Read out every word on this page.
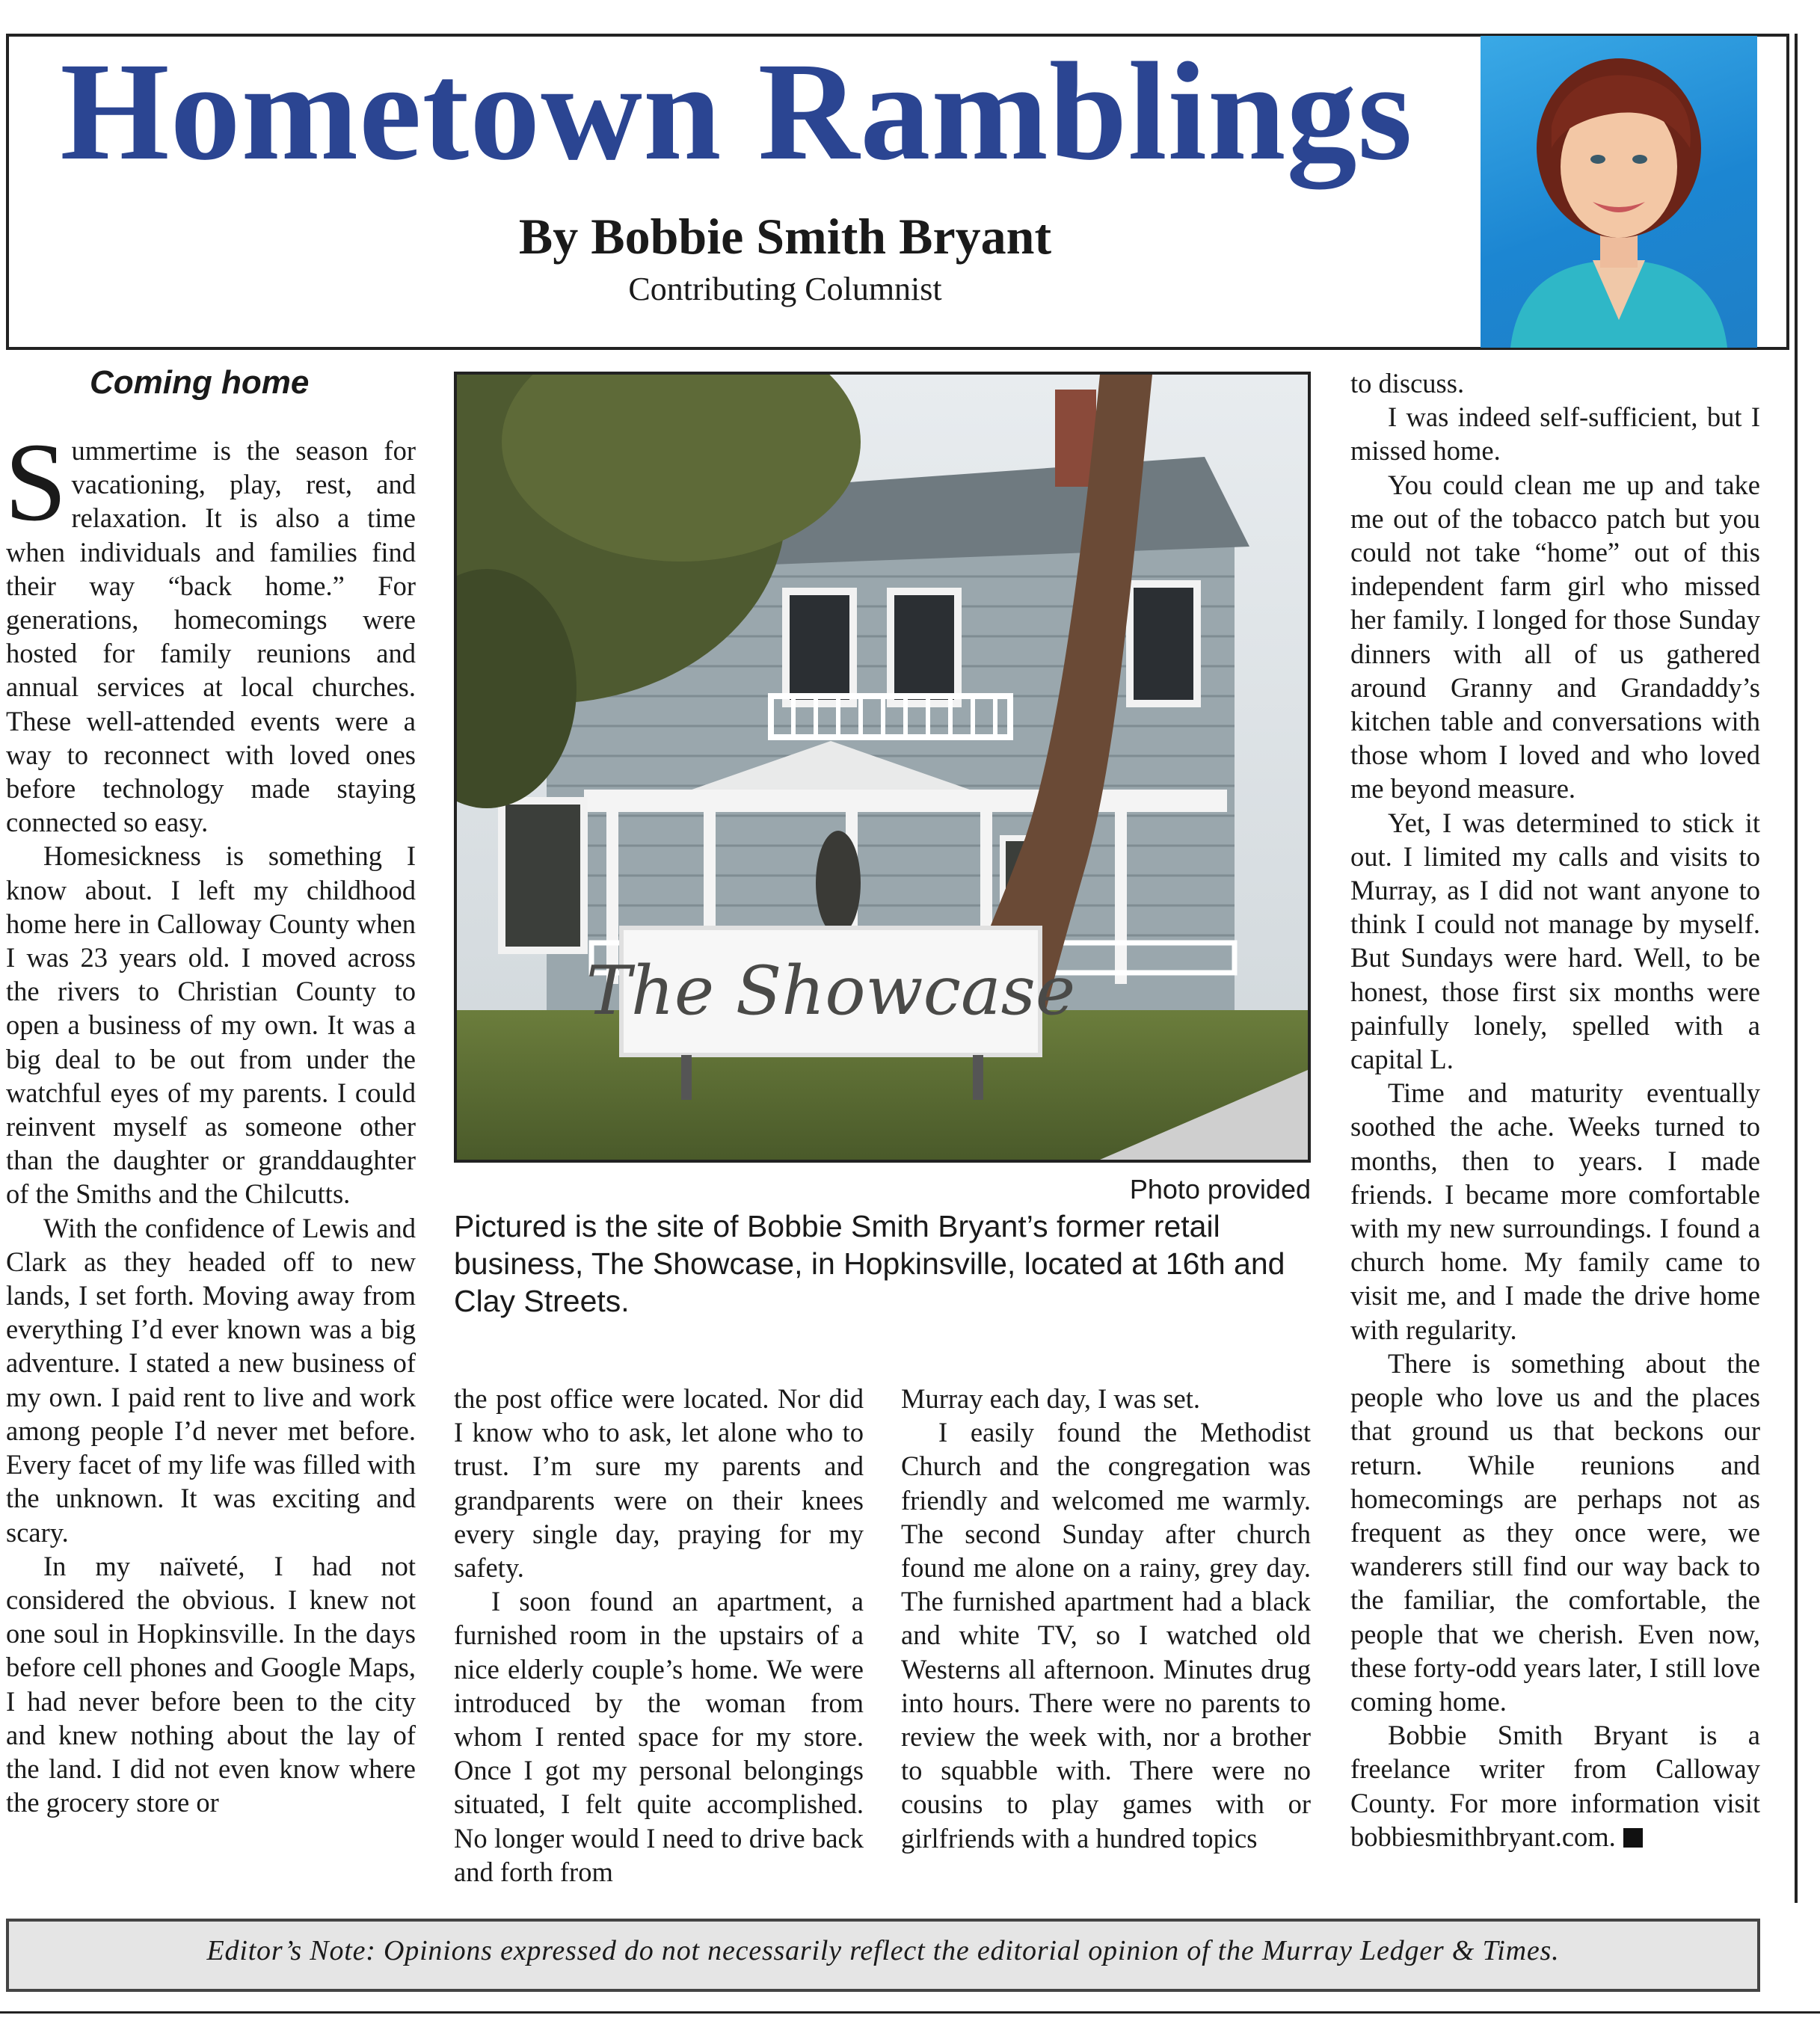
Hometown Ramblings
By Bobbie Smith Bryant
Contributing Columnist
Coming home

Summertime is the season for vacationing, play, rest, and relaxation. It is also a time when individuals and families find their way “back home.” For generations, homecomings were hosted for family reunions and annual services at local churches. These well-attended events were a way to reconnect with loved ones before technology made staying connected so easy.

Homesickness is something I know about. I left my childhood home here in Calloway County when I was 23 years old. I moved across the rivers to Christian County to open a business of my own. It was a big deal to be out from under the watchful eyes of my parents. I could reinvent myself as someone other than the daughter or granddaughter of the Smiths and the Chilcutts.

With the confidence of Lewis and Clark as they headed off to new lands, I set forth. Moving away from everything I’d ever known was a big adventure. I stated a new business of my own. I paid rent to live and work among people I’d never met before. Every facet of my life was filled with the unknown. It was exciting and scary.

In my naïveté, I had not considered the obvious. I knew not one soul in Hopkinsville. In the days before cell phones and Google Maps, I had never before been to the city and knew nothing about the lay of the land. I did not even know where the grocery store or

The Showcase
Photo provided
Pictured is the site of Bobbie Smith Bryant’s former retail business, The Showcase, in Hopkinsville, located at 16th and Clay Streets.

the post office were located. Nor did I know who to ask, let alone who to trust. I’m sure my parents and grandparents were on their knees every single day, praying for my safety.

I soon found an apartment, a furnished room in the upstairs of a nice elderly couple’s home. We were introduced by the woman from whom I rented space for my store. Once I got my personal belongings situated, I felt quite accomplished. No longer would I need to drive back and forth from

Murray each day, I was set.

I easily found the Methodist Church and the congregation was friendly and welcomed me warmly. The second Sunday after church found me alone on a rainy, grey day. The furnished apartment had a black and white TV, so I watched old Westerns all afternoon. Minutes drug into hours. There were no parents to review the week with, nor a brother to squabble with. There were no cousins to play games with or girlfriends with a hundred topics

to discuss.

I was indeed self-sufficient, but I missed home.

You could clean me up and take me out of the tobacco patch but you could not take “home” out of this independent farm girl who missed her family. I longed for those Sunday dinners with all of us gathered around Granny and Grandaddy’s kitchen table and conversations with those whom I loved and who loved me beyond measure.

Yet, I was determined to stick it out. I limited my calls and visits to Murray, as I did not want anyone to think I could not manage by myself. But Sundays were hard. Well, to be honest, those first six months were painfully lonely, spelled with a capital L.

Time and maturity eventually soothed the ache. Weeks turned to months, then to years. I made friends. I became more comfortable with my new surroundings. I found a church home. My family came to visit me, and I made the drive home with regularity.

There is something about the people who love us and the places that ground us that beckons our return. While reunions and homecomings are perhaps not as frequent as they once were, we wanderers still find our way back to the familiar, the comfortable, the people that we cherish. Even now, these forty-odd years later, I still love coming home.

Bobbie Smith Bryant is a freelance writer from Calloway County. For more information visit bobbiesmithbryant.com.

Editor’s Note: Opinions expressed do not necessarily reflect the editorial opinion of the Murray Ledger & Times.
